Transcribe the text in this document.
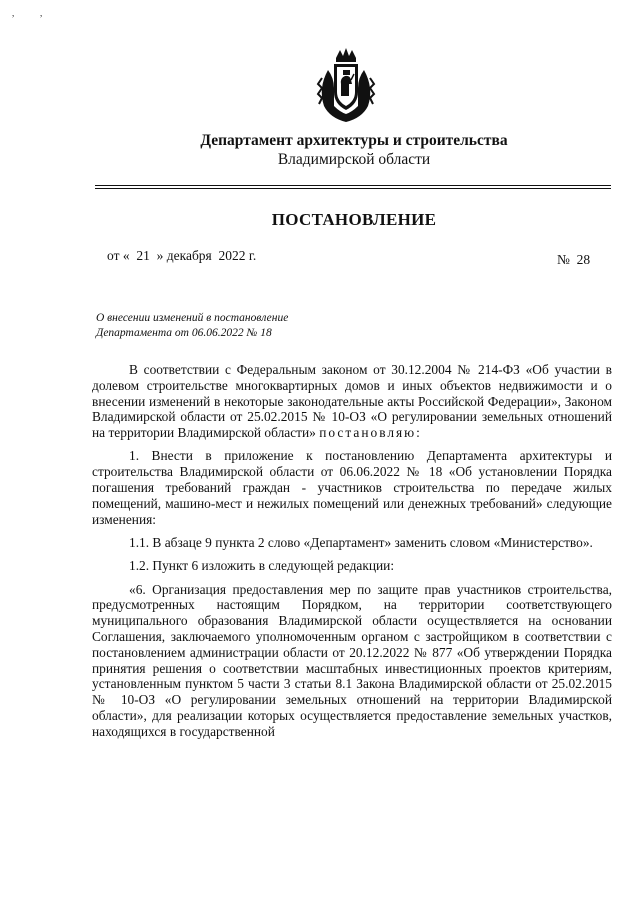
,	,
Департамент архитектуры и строительства
Владимирской области
ПОСТАНОВЛЕНИЕ
от «  21  » декабря  2022 г.	№  28
О внесении изменений в постановление
Департамента от 06.06.2022 № 18

В соответствии с Федеральным законом от 30.12.2004 № 214-ФЗ «Об участии в долевом строительстве многоквартирных домов и иных объектов недвижимости и о внесении изменений в некоторые законодательные акты Российской Федерации», Законом Владимирской области от 25.02.2015 № 10-ОЗ «О регулировании земельных отношений на территории Владимирской области» постановляю:

1. Внести в приложение к постановлению Департамента архитектуры и строительства Владимирской области от 06.06.2022 № 18 «Об установлении Порядка погашения требований граждан - участников строительства по передаче жилых помещений, машино-мест и нежилых помещений или денежных требований» следующие изменения:

1.1. В абзаце 9 пункта 2 слово «Департамент» заменить словом «Министерство».

1.2. Пункт 6 изложить в следующей редакции:

«6. Организация предоставления мер по защите прав участников строительства, предусмотренных настоящим Порядком, на территории соответствующего муниципального образования Владимирской области осуществляется на основании Соглашения, заключаемого уполномоченным органом с застройщиком в соответствии с постановлением администрации области от 20.12.2022 № 877 «Об утверждении Порядка принятия решения о соответствии масштабных инвестиционных проектов критериям, установленным пунктом 5 части 3 статьи 8.1 Закона Владимирской области от 25.02.2015 № 10-ОЗ «О регулировании земельных отношений на территории Владимирской области», для реализации которых осуществляется предоставление земельных участков, находящихся в государственной
